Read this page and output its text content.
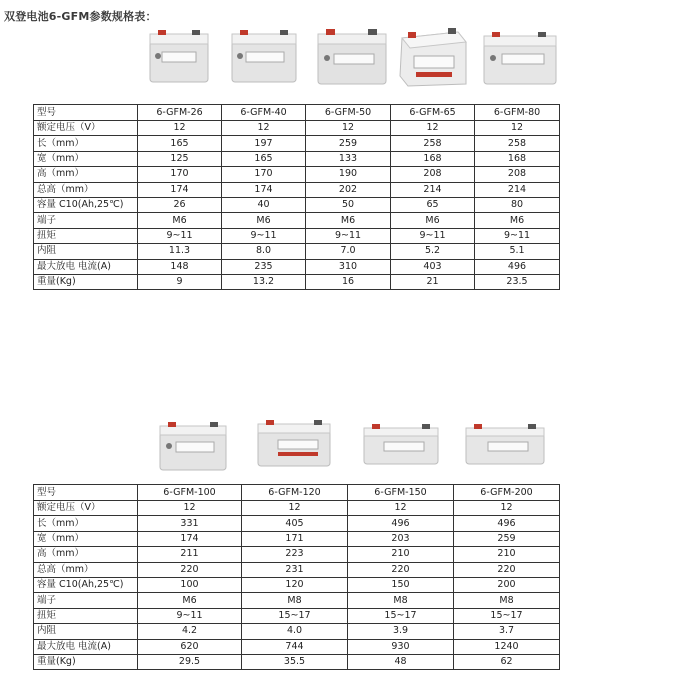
双登电池6-GFM参数规格表：
型号	6-GFM-26	6-GFM-40	6-GFM-50	6-GFM-65	6-GFM-80
额定电压（V）	12	12	12	12	12
长（mm）	165	197	259	258	258
宽（mm）	125	165	133	168	168
高（mm）	170	170	190	208	208
总高（mm）	174	174	202	214	214
容量 C10(Ah,25℃)	26	40	50	65	80
端子	M6	M6	M6	M6	M6
扭矩	9~11	9~11	9~11	9~11	9~11
内阻	11.3	8.0	7.0	5.2	5.1
最大放电 电流(A)	148	235	310	403	496
重量(Kg)	9	13.2	16	21	23.5
型号	6-GFM-100	6-GFM-120	6-GFM-150	6-GFM-200
额定电压（V）	12	12	12	12
长（mm）	331	405	496	496
宽（mm）	174	171	203	259
高（mm）	211	223	210	210
总高（mm）	220	231	220	220
容量 C10(Ah,25℃)	100	120	150	200
端子	M6	M8	M8	M8
扭矩	9~11	15~17	15~17	15~17
内阻	4.2	4.0	3.9	3.7
最大放电 电流(A)	620	744	930	1240
重量(Kg)	29.5	35.5	48	62
